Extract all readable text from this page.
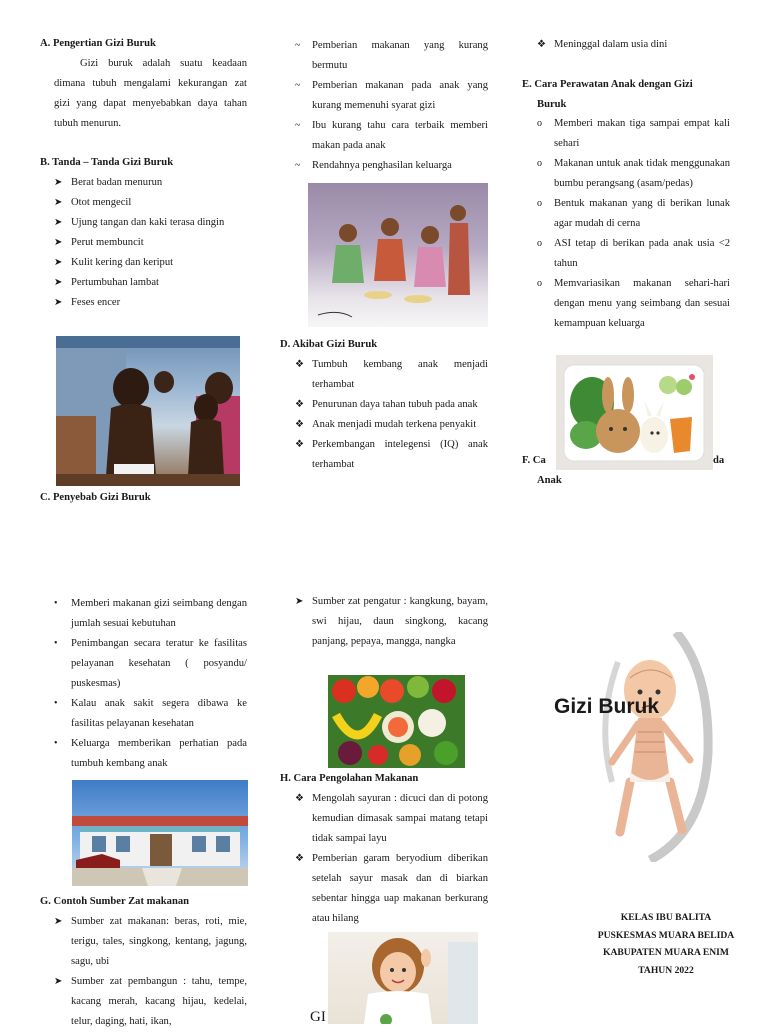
A. Pengertian Gizi Buruk

Gizi buruk adalah suatu keadaan dimana tubuh mengalami kekurangan zat gizi yang dapat menyebabkan daya tahan tubuh menurun.

B. Tanda – Tanda Gizi Buruk
➤ Berat badan menurun
➤ Otot mengecil
➤ Ujung tangan dan kaki terasa dingin
➤ Perut membuncit
➤ Kulit kering dan keriput
➤ Pertumbuhan lambat
➤ Feses encer
C. Penyebab Gizi Buruk
~ Pemberian makanan yang kurang bermutu
~ Pemberian makanan pada anak yang kurang memenuhi syarat gizi
~ Ibu kurang tahu cara terbaik memberi makan pada anak
~ Rendahnya penghasilan keluarga
D. Akibat Gizi Buruk
❖ Tumbuh kembang anak menjadi terhambat
❖ Penurunan daya tahan tubuh pada anak
❖ Anak menjadi mudah terkena penyakit
❖ Perkembangan intelegensi (IQ) anak terhambat
❖ Meninggal dalam usia dini
E. Cara Perawatan Anak dengan Gizi
Buruk
o Memberi makan tiga sampai empat kali sehari
o Makanan untuk anak tidak menggunakan bumbu perangsang (asam/pedas)
o Bentuk makanan yang di berikan lunak agar mudah di cerna
o ASI tetap di berikan pada anak usia <2 tahun
o Memvariasikan makanan sehari-hari dengan menu yang seimbang dan sesuai kemampuan keluarga
F. Ca	da
Anak
• Memberi makanan gizi seimbang dengan jumlah sesuai kebutuhan
• Penimbangan secara teratur ke fasilitas pelayanan kesehatan ( posyandu/ puskesmas)
• Kalau anak sakit segera dibawa ke fasilitas pelayanan kesehatan
• Keluarga memberikan perhatian pada tumbuh kembang anak
G. Contoh Sumber Zat makanan
➤ Sumber zat makanan: beras, roti, mie, terigu, tales, singkong, kentang, jagung, sagu, ubi
➤ Sumber zat pembangun : tahu, tempe, kacang merah, kacang hijau, kedelai, telur, daging, hati, ikan,
➤ Sumber zat pengatur : kangkung, bayam, swi hijau, daun singkong, kacang panjang, pepaya, mangga, nangka
H. Cara Pengolahan Makanan
❖ Mengolah sayuran : dicuci dan di potong kemudian dimasak sampai matang tetapi tidak sampai layu
❖ Pemberian garam beryodium diberikan setelah sayur masak dan di biarkan sebentar hingga uap makanan berkurang atau hilang
GI
Gizi Buruk
KELAS IBU BALITA
PUSKESMAS MUARA BELIDA
KABUPATEN MUARA ENIM
TAHUN 2022
